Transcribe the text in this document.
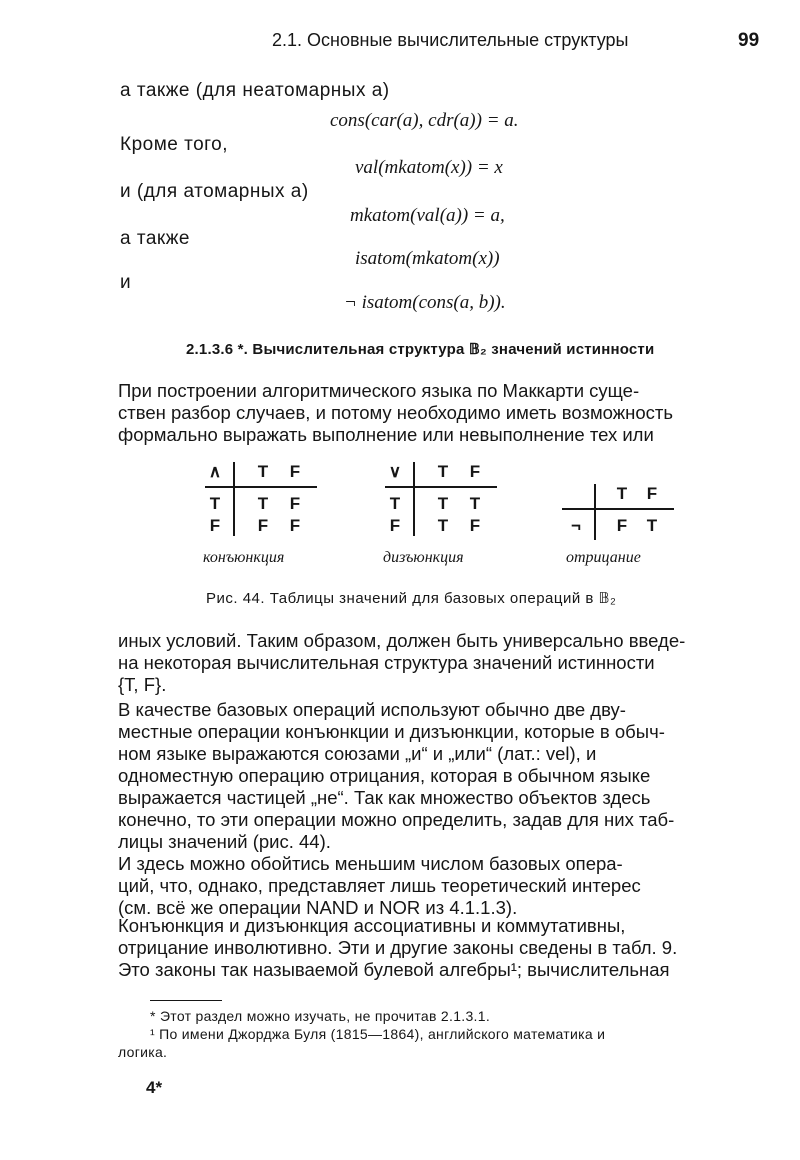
2.1. Основные вычислительные структуры	99
а также (для неатомарных а)
cons(car(a), cdr(a)) = a.
Кроме того,
val(mkatom(x)) = x
и (для атомарных а)
mkatom(val(a)) = a,
а также
isatom(mkatom(x))
и
¬ isatom(cons(a, b)).
2.1.3.6 *. Вычислительная структура 𝔹₂ значений истинности
При построении алгоритмического языка по Маккарти суще-
ствен разбор случаев, и потому необходимо иметь возможность
формально выражать выполнение или невыполнение тех или
∧ T F
T T F
F F F
конъюнкция
∨ T F
T T T
F T F
дизъюнкция
T F
¬ F T
отрицание
Рис. 44. Таблицы значений для базовых операций в 𝔹₂
иных условий. Таким образом, должен быть универсально введе-
на некоторая вычислительная структура значений истинности
{T, F}.
В качестве базовых операций используют обычно две дву-
местные операции конъюнкции и дизъюнкции, которые в обыч-
ном языке выражаются союзами „и“ и „или“ (лат.: vel), и
одноместную операцию отрицания, которая в обычном языке
выражается частицей „не“. Так как множество объектов здесь
конечно, то эти операции можно определить, задав для них таб-
лицы значений (рис. 44).
И здесь можно обойтись меньшим числом базовых опера-
ций, что, однако, представляет лишь теоретический интерес
(см. всё же операции NAND и NOR из 4.1.1.3).
Конъюнкция и дизъюнкция ассоциативны и коммутативны,
отрицание инволютивно. Эти и другие законы сведены в табл. 9.
Это законы так называемой булевой алгебры¹; вычислительная
* Этот раздел можно изучать, не прочитав 2.1.3.1.
¹ По имени Джорджа Буля (1815—1864), английского математика и
логика.
4*
